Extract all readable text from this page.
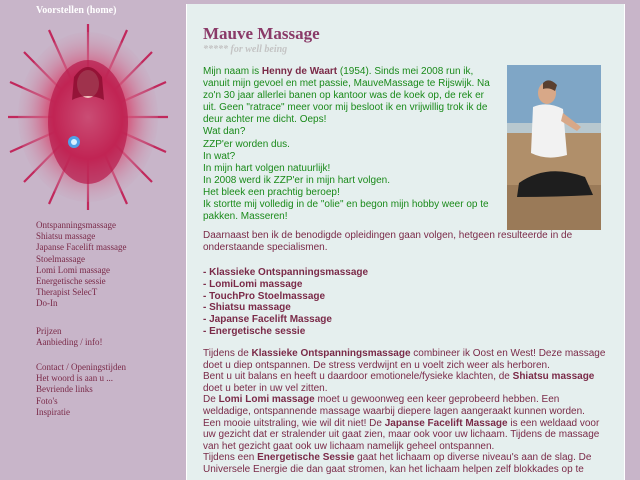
Voorstellen (home)
Ontspanningsmassage
Shiatsu massage
Japanse Facelift massage
Stoelmassage
Lomi Lomi massage
Energetische sessie
Therapist SelecT
Do-In
Prijzen
Aanbieding / info!
Contact / Openingstijden
Het woord is aan u ...
Bevriende links
Foto's
Inspiratie
Mauve Massage
***** for well being
Mijn naam is Henny de Waart (1954). Sinds mei 2008 run ik, vanuit mijn gevoel en met passie, MauveMassage te Rijswijk. Na zo'n 30 jaar allerlei banen op kantoor was de koek op, de rek er uit. Geen "ratrace" meer voor mij besloot ik en vrijwillig trok ik de deur achter me dicht. Oeps!
Wat dan?
ZZP'er worden dus.
In wat?
In mijn hart volgen natuurlijk!
In 2008 werd ik ZZP'er in mijn hart volgen.
Het bleek een prachtig beroep!
Ik stortte mij volledig in de "olie" en begon mijn hobby weer op te pakken. Masseren!
Daarnaast ben ik de benodigde opleidingen gaan volgen, hetgeen resulteerde in de onderstaande specialismen.
- Klassieke Ontspanningsmassage
- LomiLomi massage
- TouchPro Stoelmassage
- Shiatsu massage
- Japanse Facelift Massage
- Energetische sessie

Tijdens de Klassieke Ontspanningsmassage combineer ik Oost en West! Deze massage doet u diep ontspannen. De stress verdwijnt en u voelt zich weer als herboren.

Bent u uit balans en heeft u daardoor emotionele/fysieke klachten, de Shiatsu massage doet u beter in uw vel zitten.

De Lomi Lomi massage moet u gewoonweg een keer geprobeerd hebben. Een weldadige, ontspannende massage waarbij diepere lagen aangeraakt kunnen worden.

Een mooie uitstraling, wie wil dit niet! De Japanse Facelift Massage is een weldaad voor uw gezicht dat er stralender uit gaat zien, maar ook voor uw lichaam. Tijdens de massage van het gezicht gaat ook uw lichaam namelijk geheel ontspannen.

Tijdens een Energetische Sessie gaat het lichaam op diverse niveau's aan de slag. De Universele Energie die dan gaat stromen, kan het lichaam helpen zelf blokkades op te
